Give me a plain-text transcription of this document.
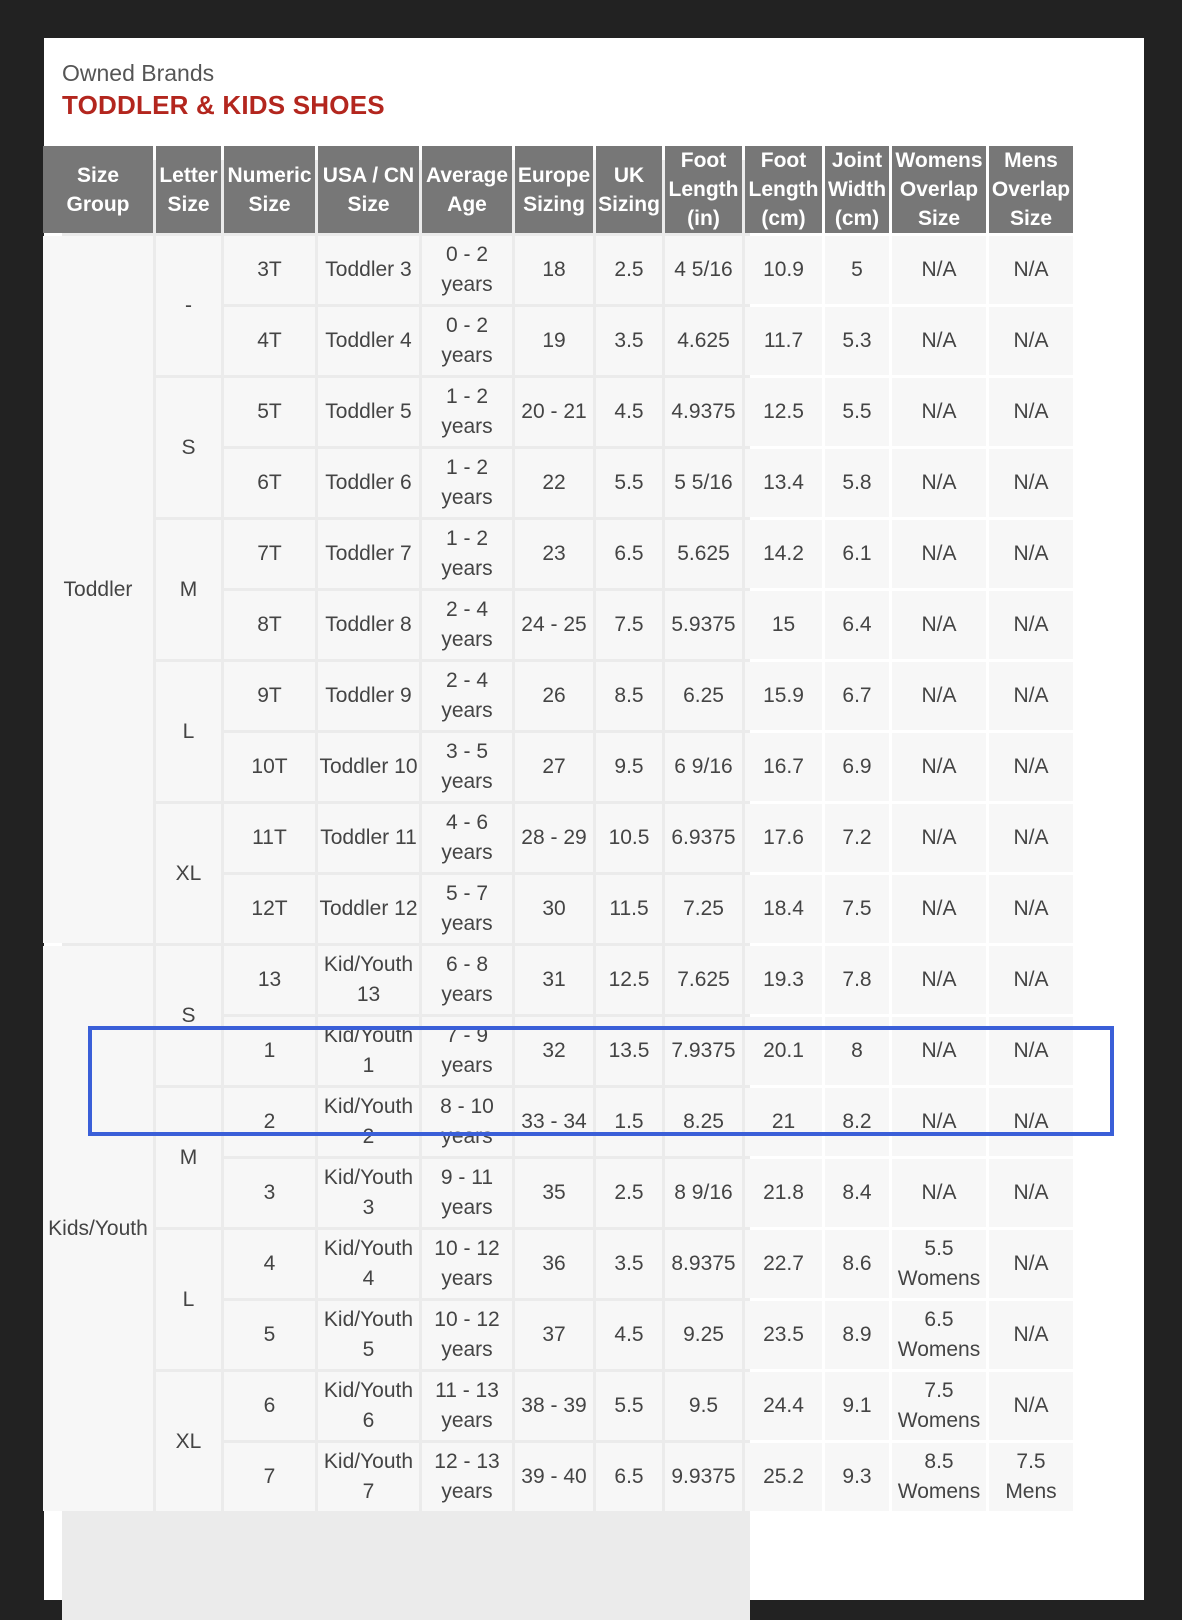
Owned Brands
TODDLER & KIDS SHOES
Size Group	Letter Size	Numeric Size	USA / CN Size	Average Age	Europe Sizing	UK Sizing	Foot Length (in)	Foot Length (cm)	Joint Width (cm)	Womens Overlap Size	Mens Overlap Size
Toddler	-	3T	Toddler 3	0 - 2 years	18	2.5	4 5/16	10.9	5	N/A	N/A
		4T	Toddler 4	0 - 2 years	19	3.5	4.625	11.7	5.3	N/A	N/A
	S	5T	Toddler 5	1 - 2 years	20 - 21	4.5	4.9375	12.5	5.5	N/A	N/A
		6T	Toddler 6	1 - 2 years	22	5.5	5 5/16	13.4	5.8	N/A	N/A
	M	7T	Toddler 7	1 - 2 years	23	6.5	5.625	14.2	6.1	N/A	N/A
		8T	Toddler 8	2 - 4 years	24 - 25	7.5	5.9375	15	6.4	N/A	N/A
	L	9T	Toddler 9	2 - 4 years	26	8.5	6.25	15.9	6.7	N/A	N/A
		10T	Toddler 10	3 - 5 years	27	9.5	6 9/16	16.7	6.9	N/A	N/A
	XL	11T	Toddler 11	4 - 6 years	28 - 29	10.5	6.9375	17.6	7.2	N/A	N/A
		12T	Toddler 12	5 - 7 years	30	11.5	7.25	18.4	7.5	N/A	N/A
Kids/Youth	S	13	Kid/Youth 13	6 - 8 years	31	12.5	7.625	19.3	7.8	N/A	N/A
		1	Kid/Youth 1	7 - 9 years	32	13.5	7.9375	20.1	8	N/A	N/A
	M	2	Kid/Youth 2	8 - 10 years	33 - 34	1.5	8.25	21	8.2	N/A	N/A
		3	Kid/Youth 3	9 - 11 years	35	2.5	8 9/16	21.8	8.4	N/A	N/A
	L	4	Kid/Youth 4	10 - 12 years	36	3.5	8.9375	22.7	8.6	5.5 Womens	N/A
		5	Kid/Youth 5	10 - 12 years	37	4.5	9.25	23.5	8.9	6.5 Womens	N/A
	XL	6	Kid/Youth 6	11 - 13 years	38 - 39	5.5	9.5	24.4	9.1	7.5 Womens	N/A
		7	Kid/Youth 7	12 - 13 years	39 - 40	6.5	9.9375	25.2	9.3	8.5 Womens	7.5 Mens
